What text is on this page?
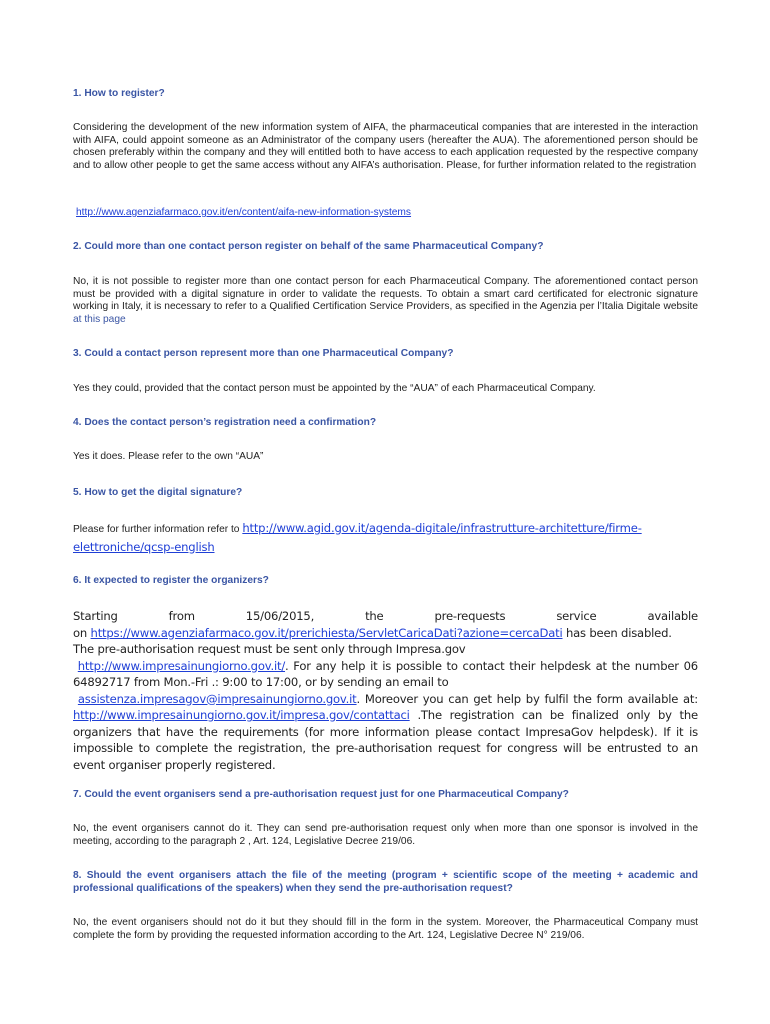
1. How to register?
Considering the development of the new information system of AIFA, the pharmaceutical companies that are interested in the interaction with AIFA, could appoint someone as an Administrator of the company users (hereafter the AUA). The aforementioned person should be chosen preferably within the company and they will entitled both to have access to each application requested by the respective company and to allow other people to get the same access without any AIFA’s authorisation. Please, for further information related to the registration
http://www.agenziafarmaco.gov.it/en/content/aifa-new-information-systems
2. Could more than one contact person register on behalf of the same Pharmaceutical Company?
No, it is not possible to register more than one contact person for each Pharmaceutical Company. The aforementioned contact person must be provided with a digital signature in order to validate the requests. To obtain a smart card certificated for electronic signature working in Italy, it is necessary to refer to a Qualified Certification Service Providers, as specified in the Agenzia per l’Italia Digitale website at this page
3. Could a contact person represent more than one Pharmaceutical Company?
Yes they could, provided that the contact person must be appointed by the “AUA” of each Pharmaceutical Company.
4. Does the contact person’s registration need a confirmation?
Yes it does. Please refer to the own “AUA”
5. How to get the digital signature?
Please for further information refer to http://www.agid.gov.it/agenda-digitale/infrastrutture-architetture/firme-
elettroniche/qcsp-english
6. It expected to register the organizers?
Starting	from	15/06/2015,	the	pre-requests	service	available
on https://www.agenziafarmaco.gov.it/prerichiesta/ServletCaricaDati?azione=cercaDati has been disabled.
The pre-authorisation request must be sent only through Impresa.gov
http://www.impresainungiorno.gov.it/. For any help it is possible to contact their helpdesk at the number 06 64892717 from Mon.-Fri .: 9:00 to 17:00, or by sending an email to
assistenza.impresagov@impresainungiorno.gov.it. Moreover you can get help by fulfil the form available at: http://www.impresainungiorno.gov.it/impresa.gov/contattaci .The registration can be finalized only by the organizers that have the requirements (for more information please contact ImpresaGov helpdesk). If it is impossible to complete the registration, the pre-authorisation request for congress will be entrusted to an event organiser properly registered.
7. Could the event organisers send a pre-authorisation request just for one Pharmaceutical Company?
No, the event organisers cannot do it. They can send pre-authorisation request only when more than one sponsor is involved in the meeting, according to the paragraph 2 , Art. 124, Legislative Decree 219/06.
8. Should the event organisers attach the file of the meeting (program + scientific scope of the meeting + academic and professional qualifications of the speakers) when they send the pre-authorisation request?
No, the event organisers should not do it but they should fill in the form in the system. Moreover, the Pharmaceutical Company must complete the form by providing the requested information according to the Art. 124, Legislative Decree N° 219/06.
